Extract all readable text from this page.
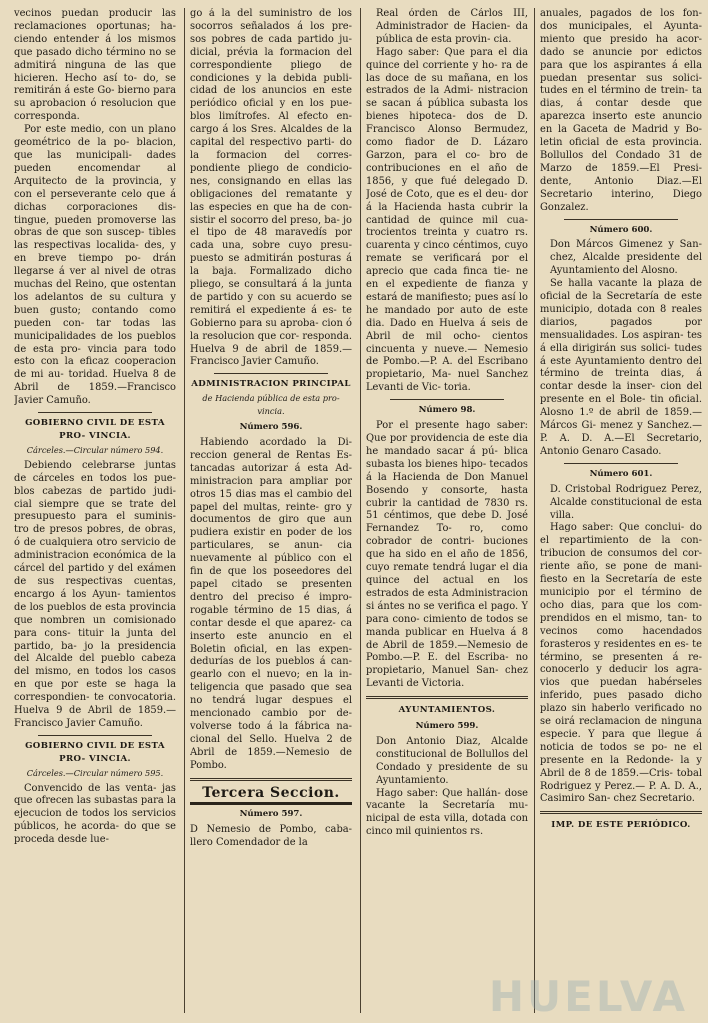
vecinos puedan producir las reclamaciones oportunas; ha- ciendo entender á los mismos que pasado dicho término no se admitirá ninguna de las que hicieren. Hecho así to- do, se remitirán á este Go- bierno para su aprobacion ó resolucion que corresponda.

Por este medio, con un plano geométrico de la po- blacion, que las municipali- dades pueden encomendar al Arquitecto de la provincia, y con el perseverante celo que á dichas corporaciones dis- tingue, pueden promoverse las obras de que son suscep- tibles las respectivas localida- des, y en breve tiempo po- drán llegarse á ver al nivel de otras muchas del Reino, que ostentan los adelantos de su cultura y buen gusto; contando como pueden con- tar todas las municipalidades de los pueblos de esta pro- vincia para todo esto con la eficaz cooperacion de mi au- toridad. Huelva 8 de Abril de 1859.—Francisco Javier Camuño.

GOBIERNO CIVIL DE ESTA PRO- VINCIA.

Cárceles.—Circular número 594.

Debiendo celebrarse juntas de cárceles en todos los pue- blos cabezas de partido judi- cial siempre que se trate del presupuesto para el suminis- tro de presos pobres, de obras, ó de cualquiera otro servicio de administracion económica de la cárcel del partido y del exámen de sus respectivas cuentas, encargo á los Ayun- tamientos de los pueblos de esta provincia que nombren un comisionado para cons- tituir la junta del partido, ba- jo la presidencia del Alcalde del pueblo cabeza del mismo, en todos los casos en que por este se haga la correspondien- te convocatoria. Huelva 9 de Abril de 1859.—Francisco Javier Camuño.

GOBIERNO CIVIL DE ESTA PRO- VINCIA.

Cárceles.—Circular número 595.

Convencido de las venta- jas que ofrecen las subastas para la ejecucion de todos los servicios públicos, he acorda- do que se proceda desde lue-

go á la del suministro de los socorros señalados á los pre- sos pobres de cada partido ju- dicial, prévia la formacion del correspondiente pliego de condiciones y la debida publi- cidad de los anuncios en este periódico oficial y en los pue- blos limítrofes. Al efecto en- cargo á los Sres. Alcaldes de la capital del respectivo parti- do la formacion del corres- pondiente pliego de condicio- nes, consignando en ellas las obligaciones del rematante y las especies en que ha de con- sistir el socorro del preso, ba- jo el tipo de 48 maravedís por cada una, sobre cuyo presu- puesto se admitirán posturas á la baja. Formalizado dicho pliego, se consultará á la junta de partido y con su acuerdo se remitirá el expediente á es- te Gobierno para su aproba- cion ó la resolucion que cor- responda. Huelva 9 de abril de 1859.—Francisco Javier Camuño.

ADMINISTRACION PRINCIPAL

de Hacienda pública de esta pro- vincia.

Número 596.

Habiendo acordado la Di- reccion general de Rentas Es- tancadas autorizar á esta Ad- ministracion para ampliar por otros 15 dias mas el cambio del papel del multas, reinte- gro y documentos de giro que aun pudiera existir en poder de los particulares, se anun- cia nuevamente al público con el fin de que los poseedores del papel citado se presenten dentro del preciso é impro- rogable término de 15 dias, á contar desde el que aparez- ca inserto este anuncio en el Boletin oficial, en las expen- dedurías de los pueblos á can- gearlo con el nuevo; en la in- teligencia que pasado que sea no tendrá lugar despues el mencionado cambio por de- volverse todo á la fábrica na- cional del Sello. Huelva 2 de Abril de 1859.—Nemesio de Pombo.

Tercera Seccion.

Número 597.

D Nemesio de Pombo, caba- llero Comendador de la

Real órden de Cárlos III, Administrador de Hacien- da pública de esta provin- cia.

Hago saber: Que para el dia quince del corriente y ho- ra de las doce de su mañana, en los estrados de la Admi- nistracion se sacan á pública subasta los bienes hipoteca- dos de D. Francisco Alonso Bermudez, como fiador de D. Lázaro Garzon, para el co- bro de contribuciones en el año de 1856, y que fué delegado D. José de Coto, que es el deu- dor á la Hacienda hasta cubrir la cantidad de quince mil cua- trocientos treinta y cuatro rs. cuarenta y cinco céntimos, cuyo remate se verificará por el aprecio que cada finca tie- ne en el expediente de fianza y estará de manifiesto; pues así lo he mandado por auto de este dia. Dado en Huelva á seis de Abril de mil ocho- cientos cincuenta y nueve.— Nemesio de Pombo.—P. A. del Escribano propietario, Ma- nuel Sanchez Levanti de Vic- toria.

Número 98.

Por el presente hago saber: Que por providencia de este dia he mandado sacar á pú- blica subasta los bienes hipo- tecados á la Hacienda de Don Manuel Bosendo y consorte, hasta cubrir la cantidad de 7830 rs. 51 céntimos, que debe D. José Fernandez To- ro, como cobrador de contri- buciones que ha sido en el año de 1856, cuyo remate tendrá lugar el dia quince del actual en los estrados de esta Administracion si ántes no se verifica el pago. Y para cono- cimiento de todos se manda publicar en Huelva á 8 de Abril de 1859.—Nemesio de Pombo.—P. E. del Escriba- no propietario, Manuel San- chez Levanti de Victoria.

AYUNTAMIENTOS.

Número 599.

Don Antonio Diaz, Alcalde constitucional de Bollullos del Condado y presidente de su Ayuntamiento.

Hago saber: Que hallán- dose vacante la Secretaría mu- nicipal de esta villa, dotada con cinco mil quinientos rs.

anuales, pagados de los fon- dos municipales, el Ayunta- miento que presido ha acor- dado se anuncie por edictos para que los aspirantes á ella puedan presentar sus solici- tudes en el término de trein- ta dias, á contar desde que aparezca inserto este anuncio en la Gaceta de Madrid y Bo- letin oficial de esta provincia. Bollullos del Condado 31 de Marzo de 1859.—El Presi- dente, Antonio Diaz.—El Secretario interino, Diego Gonzalez.

Número 600.

Don Márcos Gimenez y San- chez, Alcalde presidente del Ayuntamiento del Alosno.

Se halla vacante la plaza de oficial de la Secretaría de este municipio, dotada con 8 reales diarios, pagados por mensualidades. Los aspiran- tes á ella dirigirán sus solici- tudes á este Ayuntamiento dentro del término de treinta dias, á contar desde la inser- cion del presente en el Bole- tin oficial. Alosno 1.º de abril de 1859.—Márcos Gi- menez y Sanchez.—P. A. D. A.—El Secretario, Antonio Genaro Casado.

Número 601.

D. Cristobal Rodriguez Perez, Alcalde constitucional de esta villa.

Hago saber: Que conclui- do el repartimiento de la con- tribucion de consumos del cor- riente año, se pone de mani- fiesto en la Secretaría de este municipio por el término de ocho dias, para que los com- prendidos en el mismo, tan- to vecinos como hacendados forasteros y residentes en es- te término, se presenten á re- conocerlo y deducir los agra- vios que puedan habérseles inferido, pues pasado dicho plazo sin haberlo verificado no se oirá reclamacion de ninguna especie. Y para que llegue á noticia de todos se po- ne el presente en la Redonde- la y Abril de 8 de 1859.—Cris- tobal Rodriguez y Perez.— P. A. D. A., Casimiro San- chez Secretario.

IMP. DE ESTE PERIÓDICO.

HUELVA
